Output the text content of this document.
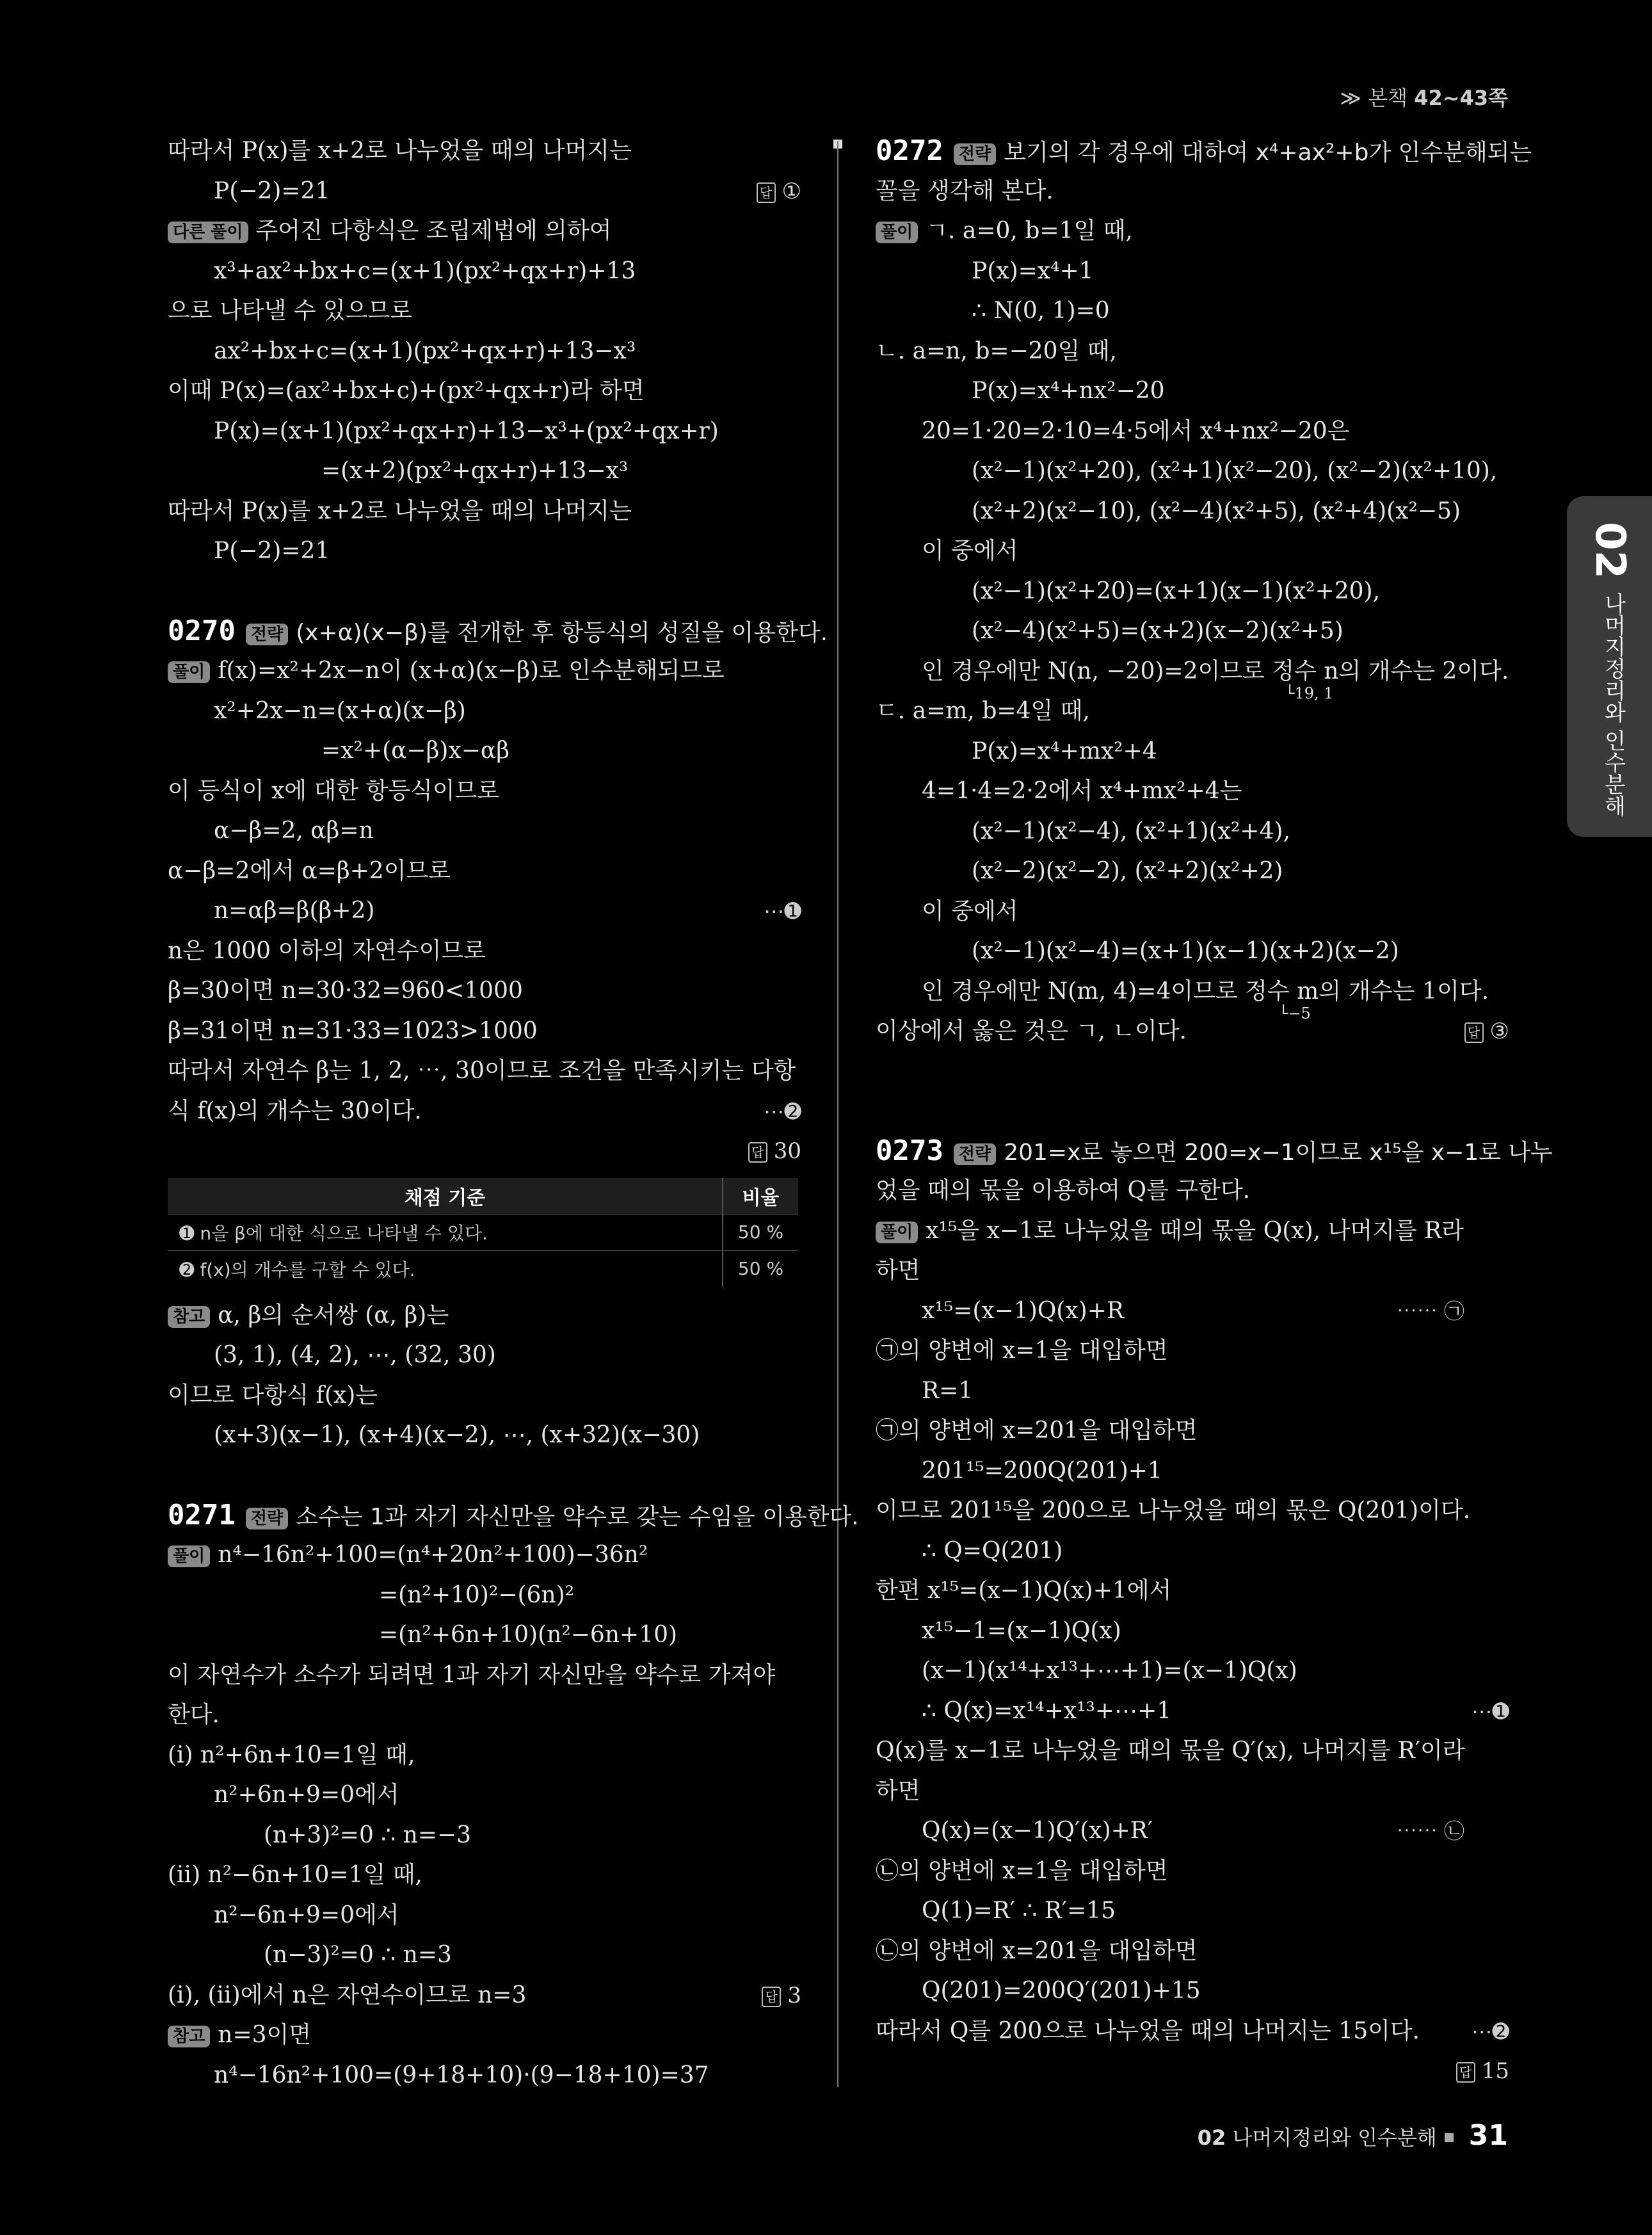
≫ 본책 42~43쪽
따라서 P(x)를 x+2로 나누었을 때의 나머지는
P(−2)=21	답 ①
다른 풀이 주어진 다항식은 조립제법에 의하여
x³+ax²+bx+c=(x+1)(px²+qx+r)+13
으로 나타낼 수 있으므로
ax²+bx+c=(x+1)(px²+qx+r)+13−x³
이때 P(x)=(ax²+bx+c)+(px²+qx+r)라 하면
P(x)=(x+1)(px²+qx+r)+13−x³+(px²+qx+r)
=(x+2)(px²+qx+r)+13−x³
따라서 P(x)를 x+2로 나누었을 때의 나머지는
P(−2)=21
0270 전략 (x+α)(x−β)를 전개한 후 항등식의 성질을 이용한다.
풀이 f(x)=x²+2x−n이 (x+α)(x−β)로 인수분해되므로
x²+2x−n=(x+α)(x−β)
=x²+(α−β)x−αβ
이 등식이 x에 대한 항등식이므로
α−β=2, αβ=n
α−β=2에서 α=β+2이므로
n=αβ=β(β+2)	⋯➊
n은 1000 이하의 자연수이므로
β=30이면 n=30·32=960<1000
β=31이면 n=31·33=1023>1000
따라서 자연수 β는 1, 2, ⋯, 30이므로 조건을 만족시키는 다항
식 f(x)의 개수는 30이다.	⋯➋
답 30
채점 기준	비율
➊ n을 β에 대한 식으로 나타낼 수 있다.	50 %
➋ f(x)의 개수를 구할 수 있다.	50 %
참고 α, β의 순서쌍 (α, β)는
(3, 1), (4, 2), ⋯, (32, 30)
이므로 다항식 f(x)는
(x+3)(x−1), (x+4)(x−2), ⋯, (x+32)(x−30)
0271 전략 소수는 1과 자기 자신만을 약수로 갖는 수임을 이용한다.
풀이 n⁴−16n²+100=(n⁴+20n²+100)−36n²
=(n²+10)²−(6n)²
=(n²+6n+10)(n²−6n+10)
이 자연수가 소수가 되려면 1과 자기 자신만을 약수로 가져야
한다.
(i) n²+6n+10=1일 때,
n²+6n+9=0에서
(n+3)²=0 ∴ n=−3
(ii) n²−6n+10=1일 때,
n²−6n+9=0에서
(n−3)²=0 ∴ n=3
(i), (ii)에서 n은 자연수이므로 n=3	답 3
참고 n=3이면
n⁴−16n²+100=(9+18+10)·(9−18+10)=37
0272 전략 보기의 각 경우에 대하여 x⁴+ax²+b가 인수분해되는
꼴을 생각해 본다.
풀이 ㄱ. a=0, b=1일 때,
P(x)=x⁴+1
∴ N(0, 1)=0
ㄴ. a=n, b=−20일 때,
P(x)=x⁴+nx²−20
20=1·20=2·10=4·5에서 x⁴+nx²−20은
(x²−1)(x²+20), (x²+1)(x²−20), (x²−2)(x²+10),
(x²+2)(x²−10), (x²−4)(x²+5), (x²+4)(x²−5)
이 중에서
(x²−1)(x²+20)=(x+1)(x−1)(x²+20),
(x²−4)(x²+5)=(x+2)(x−2)(x²+5)
인 경우에만 N(n, −20)=2이므로 정수 n의 개수는 2이다.
└19, 1
ㄷ. a=m, b=4일 때,
P(x)=x⁴+mx²+4
4=1·4=2·2에서 x⁴+mx²+4는
(x²−1)(x²−4), (x²+1)(x²+4),
(x²−2)(x²−2), (x²+2)(x²+2)
이 중에서
(x²−1)(x²−4)=(x+1)(x−1)(x+2)(x−2)
인 경우에만 N(m, 4)=4이므로 정수 m의 개수는 1이다.
└−5
이상에서 옳은 것은 ㄱ, ㄴ이다.	답 ③
0273 전략 201=x로 놓으면 200=x−1이므로 x¹⁵을 x−1로 나누
었을 때의 몫을 이용하여 Q를 구한다.
풀이 x¹⁵을 x−1로 나누었을 때의 몫을 Q(x), 나머지를 R라
하면
x¹⁵=(x−1)Q(x)+R	⋯⋯ ㉠
㉠의 양변에 x=1을 대입하면
R=1
㉠의 양변에 x=201을 대입하면
201¹⁵=200Q(201)+1
이므로 201¹⁵을 200으로 나누었을 때의 몫은 Q(201)이다.
∴ Q=Q(201)
한편 x¹⁵=(x−1)Q(x)+1에서
x¹⁵−1=(x−1)Q(x)
(x−1)(x¹⁴+x¹³+⋯+1)=(x−1)Q(x)
∴ Q(x)=x¹⁴+x¹³+⋯+1	⋯➊
Q(x)를 x−1로 나누었을 때의 몫을 Q′(x), 나머지를 R′이라
하면
Q(x)=(x−1)Q′(x)+R′	⋯⋯ ㉡
㉡의 양변에 x=1을 대입하면
Q(1)=R′ ∴ R′=15
㉡의 양변에 x=201을 대입하면
Q(201)=200Q′(201)+15
따라서 Q를 200으로 나누었을 때의 나머지는 15이다.	⋯➋
답 15
02
나머지정리와 인수분해
02 나머지정리와 인수분해 31
